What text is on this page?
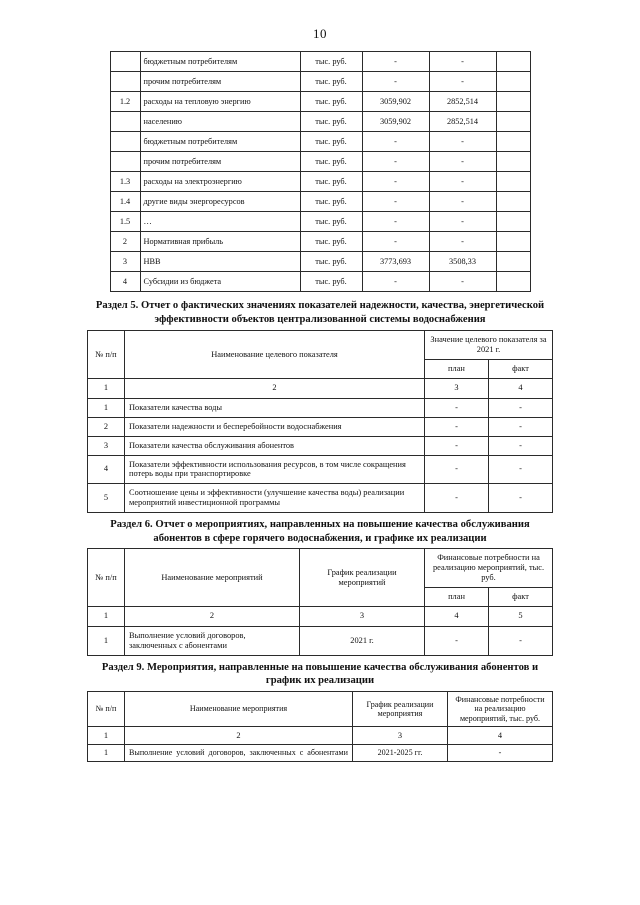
10
	бюджетным потребителям	тыс. руб.	-	-	
	прочим потребителям	тыс. руб.	-	-	
1.2	расходы на тепловую энергию	тыс. руб.	3059,902	2852,514	
	населению	тыс. руб.	3059,902	2852,514	
	бюджетным потребителям	тыс. руб.	-	-	
	прочим потребителям	тыс. руб.	-	-	
1.3	расходы на электроэнергию	тыс. руб.	-	-	
1.4	другие виды энергоресурсов	тыс. руб.	-	-	
1.5	…	тыс. руб.	-	-	
2	Нормативная прибыль	тыс. руб.	-	-	
3	НВВ	тыс. руб.	3773,693	3508,33	
4	Субсидии из бюджета	тыс. руб.	-	-	
Раздел 5. Отчет о фактических значениях показателей надежности, качества, энергетической эффективности объектов централизованной системы водоснабжения
№ п/п	Наименование целевого показателя	Значение целевого показателя за 2021 г.	
		план	факт
1	2	3	4
1	Показатели качества воды	-	-
2	Показатели надежности и бесперебойности водоснабжения	-	-
3	Показатели качества обслуживания абонентов	-	-
4	Показатели эффективности использования ресурсов, в том числе сокращения потерь воды при транспортировке	-	-
5	Соотношение цены и эффективности (улучшение качества воды) реализации мероприятий инвестиционной программы	-	-
Раздел 6. Отчет о мероприятиях, направленных на повышение качества обслуживания абонентов в сфере горячего водоснабжения, и графике их реализации
№ п/п	Наименование мероприятий	График реализации мероприятий	Финансовые потребности на реализацию мероприятий, тыс. руб.	
			план	факт
1	2	3	4	5
1	Выполнение условий договоров, заключенных с абонентами	2021 г.	-	-
Раздел 9. Мероприятия, направленные на повышение качества обслуживания абонентов и график их реализации
№ п/п	Наименование мероприятия	График реализации мероприятия	Финансовые потребности на реализацию мероприятий, тыс. руб.
1	2	3	4
1	Выполнение условий договоров, заключенных с абонентами	2021-2025 гг.	-
